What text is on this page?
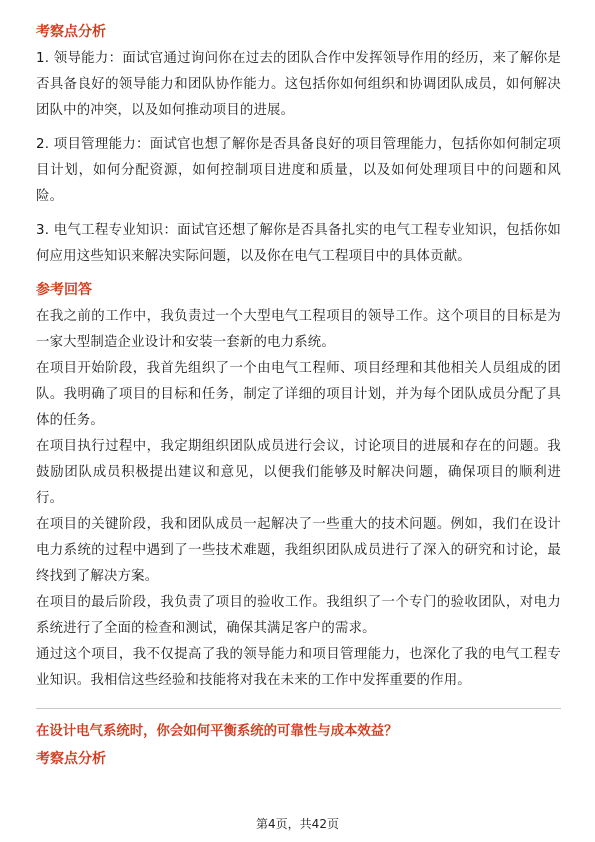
考察点分析

1. 领导能力：面试官通过询问你在过去的团队合作中发挥领导作用的经历，来了解你是否具备良好的领导能力和团队协作能力。这包括你如何组织和协调团队成员，如何解决团队中的冲突，以及如何推动项目的进展。

2. 项目管理能力：面试官也想了解你是否具备良好的项目管理能力，包括你如何制定项目计划，如何分配资源，如何控制项目进度和质量，以及如何处理项目中的问题和风险。

3. 电气工程专业知识：面试官还想了解你是否具备扎实的电气工程专业知识，包括你如何应用这些知识来解决实际问题，以及你在电气工程项目中的具体贡献。

参考回答

在我之前的工作中，我负责过一个大型电气工程项目的领导工作。这个项目的目标是为一家大型制造企业设计和安装一套新的电力系统。

在项目开始阶段，我首先组织了一个由电气工程师、项目经理和其他相关人员组成的团队。我明确了项目的目标和任务，制定了详细的项目计划，并为每个团队成员分配了具体的任务。

在项目执行过程中，我定期组织团队成员进行会议，讨论项目的进展和存在的问题。我鼓励团队成员积极提出建议和意见，以便我们能够及时解决问题，确保项目的顺利进行。

在项目的关键阶段，我和团队成员一起解决了一些重大的技术问题。例如，我们在设计电力系统的过程中遇到了一些技术难题，我组织团队成员进行了深入的研究和讨论，最终找到了解决方案。

在项目的最后阶段，我负责了项目的验收工作。我组织了一个专门的验收团队，对电力系统进行了全面的检查和测试，确保其满足客户的需求。

通过这个项目，我不仅提高了我的领导能力和项目管理能力，也深化了我的电气工程专业知识。我相信这些经验和技能将对我在未来的工作中发挥重要的作用。

在设计电气系统时，你会如何平衡系统的可靠性与成本效益？
考察点分析
第4页，共42页
